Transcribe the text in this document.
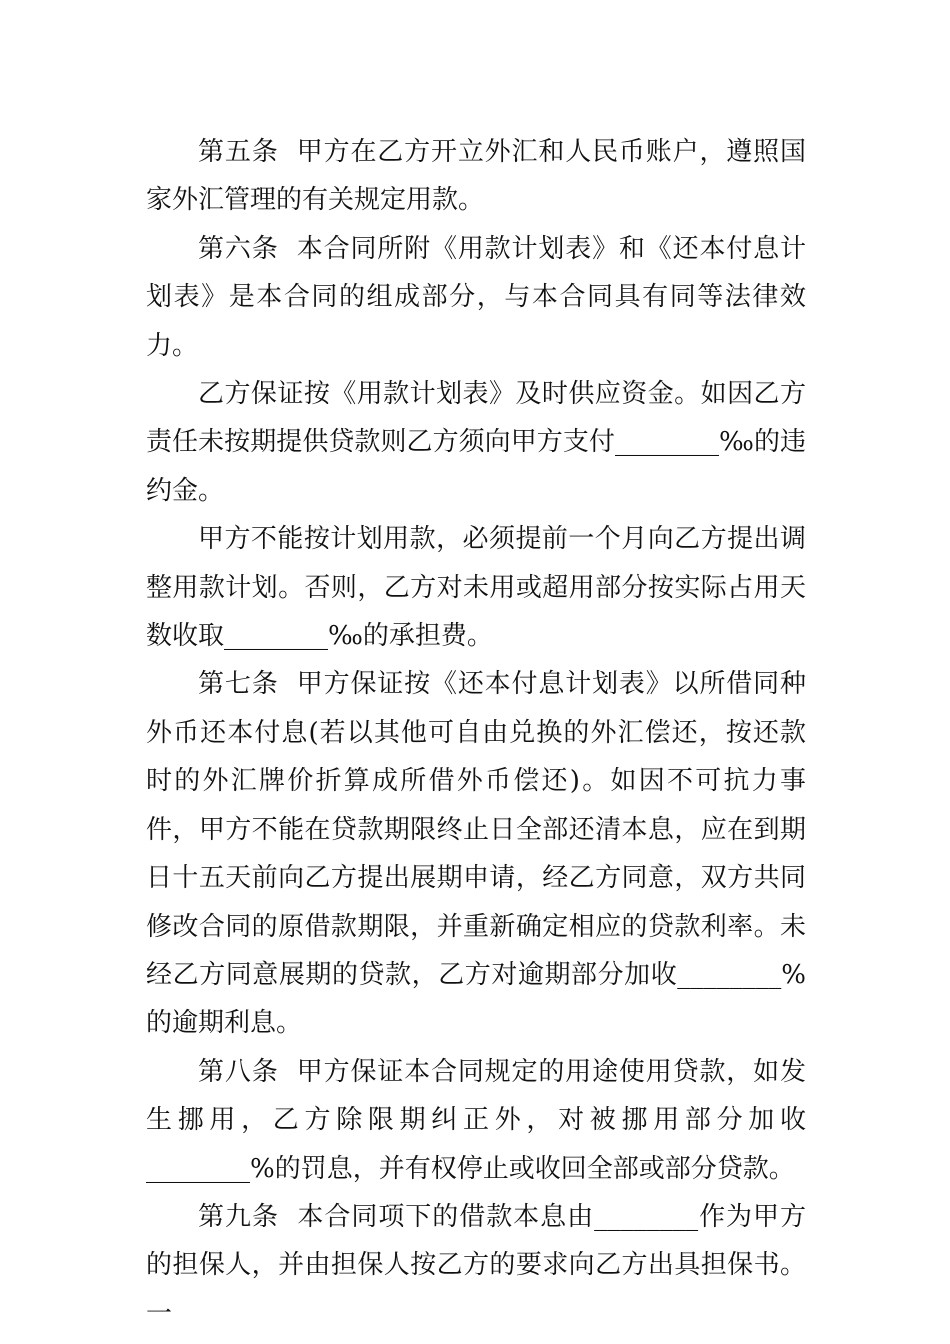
第五条  甲方在乙方开立外汇和人民币账户，遵照国家外汇管理的有关规定用款。

第六条  本合同所附《用款计划表》和《还本付息计划表》是本合同的组成部分，与本合同具有同等法律效力。

乙方保证按《用款计划表》及时供应资金。如因乙方责任未按期提供贷款则乙方须向甲方支付________‰的违约金。

甲方不能按计划用款，必须提前一个月向乙方提出调整用款计划。否则，乙方对未用或超用部分按实际占用天数收取________‰的承担费。

第七条  甲方保证按《还本付息计划表》以所借同种外币还本付息(若以其他可自由兑换的外汇偿还，按还款时的外汇牌价折算成所借外币偿还)。如因不可抗力事件，甲方不能在贷款期限终止日全部还清本息，应在到期日十五天前向乙方提出展期申请，经乙方同意，双方共同修改合同的原借款期限，并重新确定相应的贷款利率。未经乙方同意展期的贷款，乙方对逾期部分加收________%的逾期利息。

第八条  甲方保证本合同规定的用途使用贷款，如发生挪用，乙方除限期纠正外，对被挪用部分加收________%的罚息，并有权停止或收回全部或部分贷款。

第九条  本合同项下的借款本息由________作为甲方的担保人，并由担保人按乙方的要求向乙方出具担保书。一
